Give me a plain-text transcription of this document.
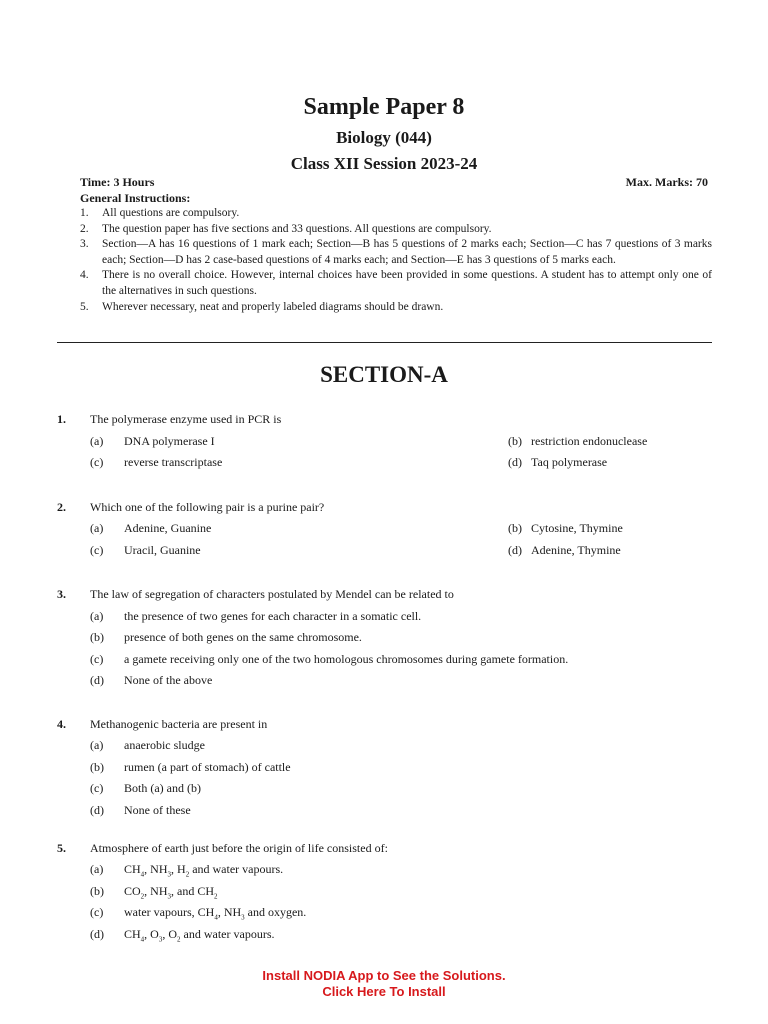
Sample Paper 8
Biology (044)
Class XII Session 2023-24
Time: 3 Hours	Max. Marks: 70
General Instructions:
1.	All questions are compulsory.
2.	The question paper has five sections and 33 questions. All questions are compulsory.
3.	Section—A has 16 questions of 1 mark each; Section—B has 5 questions of 2 marks each; Section—C has 7 questions of 3 marks each; Section—D has 2 case-based questions of 4 marks each; and Section—E has 3 questions of 5 marks each.
4.	There is no overall choice. However, internal choices have been provided in some questions. A student has to attempt only one of the alternatives in such questions.
5.	Wherever necessary, neat and properly labeled diagrams should be drawn.
SECTION-A
1. The polymerase enzyme used in PCR is
(a) DNA polymerase I	(b) restriction endonuclease
(c) reverse transcriptase	(d) Taq polymerase
2. Which one of the following pair is a purine pair?
(a) Adenine, Guanine	(b) Cytosine, Thymine
(c) Uracil, Guanine	(d) Adenine, Thymine
3. The law of segregation of characters postulated by Mendel can be related to
(a) the presence of two genes for each character in a somatic cell.
(b) presence of both genes on the same chromosome.
(c) a gamete receiving only one of the two homologous chromosomes during gamete formation.
(d) None of the above
4. Methanogenic bacteria are present in
(a) anaerobic sludge
(b) rumen (a part of stomach) of cattle
(c) Both (a) and (b)
(d) None of these
5. Atmosphere of earth just before the origin of life consisted of:
(a) $CH_4$, $NH_3$, $H_2$ and water vapours.
(b) $CO_2$, $NH_3$, and $CH_2$
(c) water vapours, $CH_4$, $NH_3$ and oxygen.
(d) $CH_4$, $O_3$, $O_2$ and water vapours.
Install NODIA App to See the Solutions.
Click Here To Install
